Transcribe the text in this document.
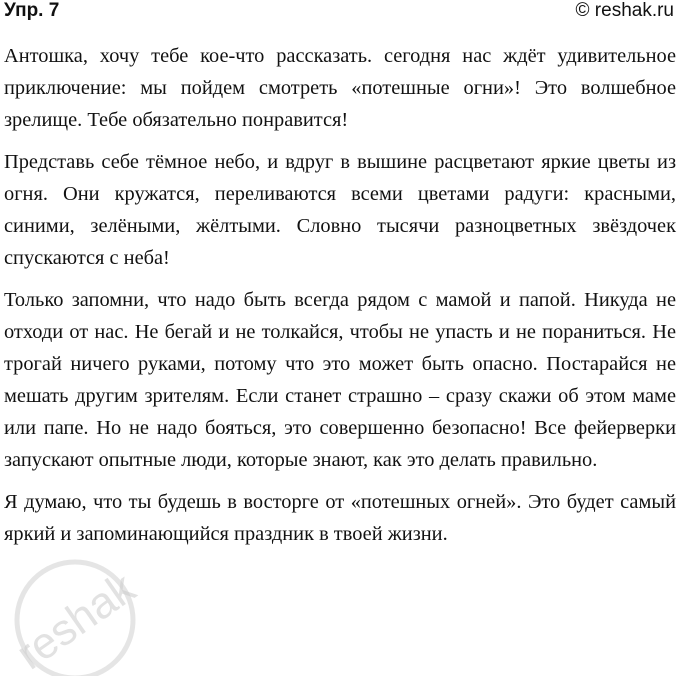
Упр. 7	© reshak.ru

Антошка, хочу тебе кое-что рассказать. сегодня нас ждёт удивительное приключение: мы пойдем смотреть «потешные огни»! Это волшебное зрелище. Тебе обязательно понравится!

Представь себе тёмное небо, и вдруг в вышине расцветают яркие цветы из огня. Они кружатся, переливаются всеми цветами радуги: красными, синими, зелёными, жёлтыми. Словно тысячи разноцветных звёздочек спускаются с неба!

Только запомни, что надо быть всегда рядом с мамой и папой. Никуда не отходи от нас. Не бегай и не толкайся, чтобы не упасть и не пораниться. Не трогай ничего руками, потому что это может быть опасно. Постарайся не мешать другим зрителям. Если станет страшно – сразу скажи об этом маме или папе. Но не надо бояться, это совершенно безопасно! Все фейерверки запускают опытные люди, которые знают, как это делать правильно.

Я думаю, что ты будешь в восторге от «потешных огней». Это будет самый яркий и запоминающийся праздник в твоей жизни.

reshak
